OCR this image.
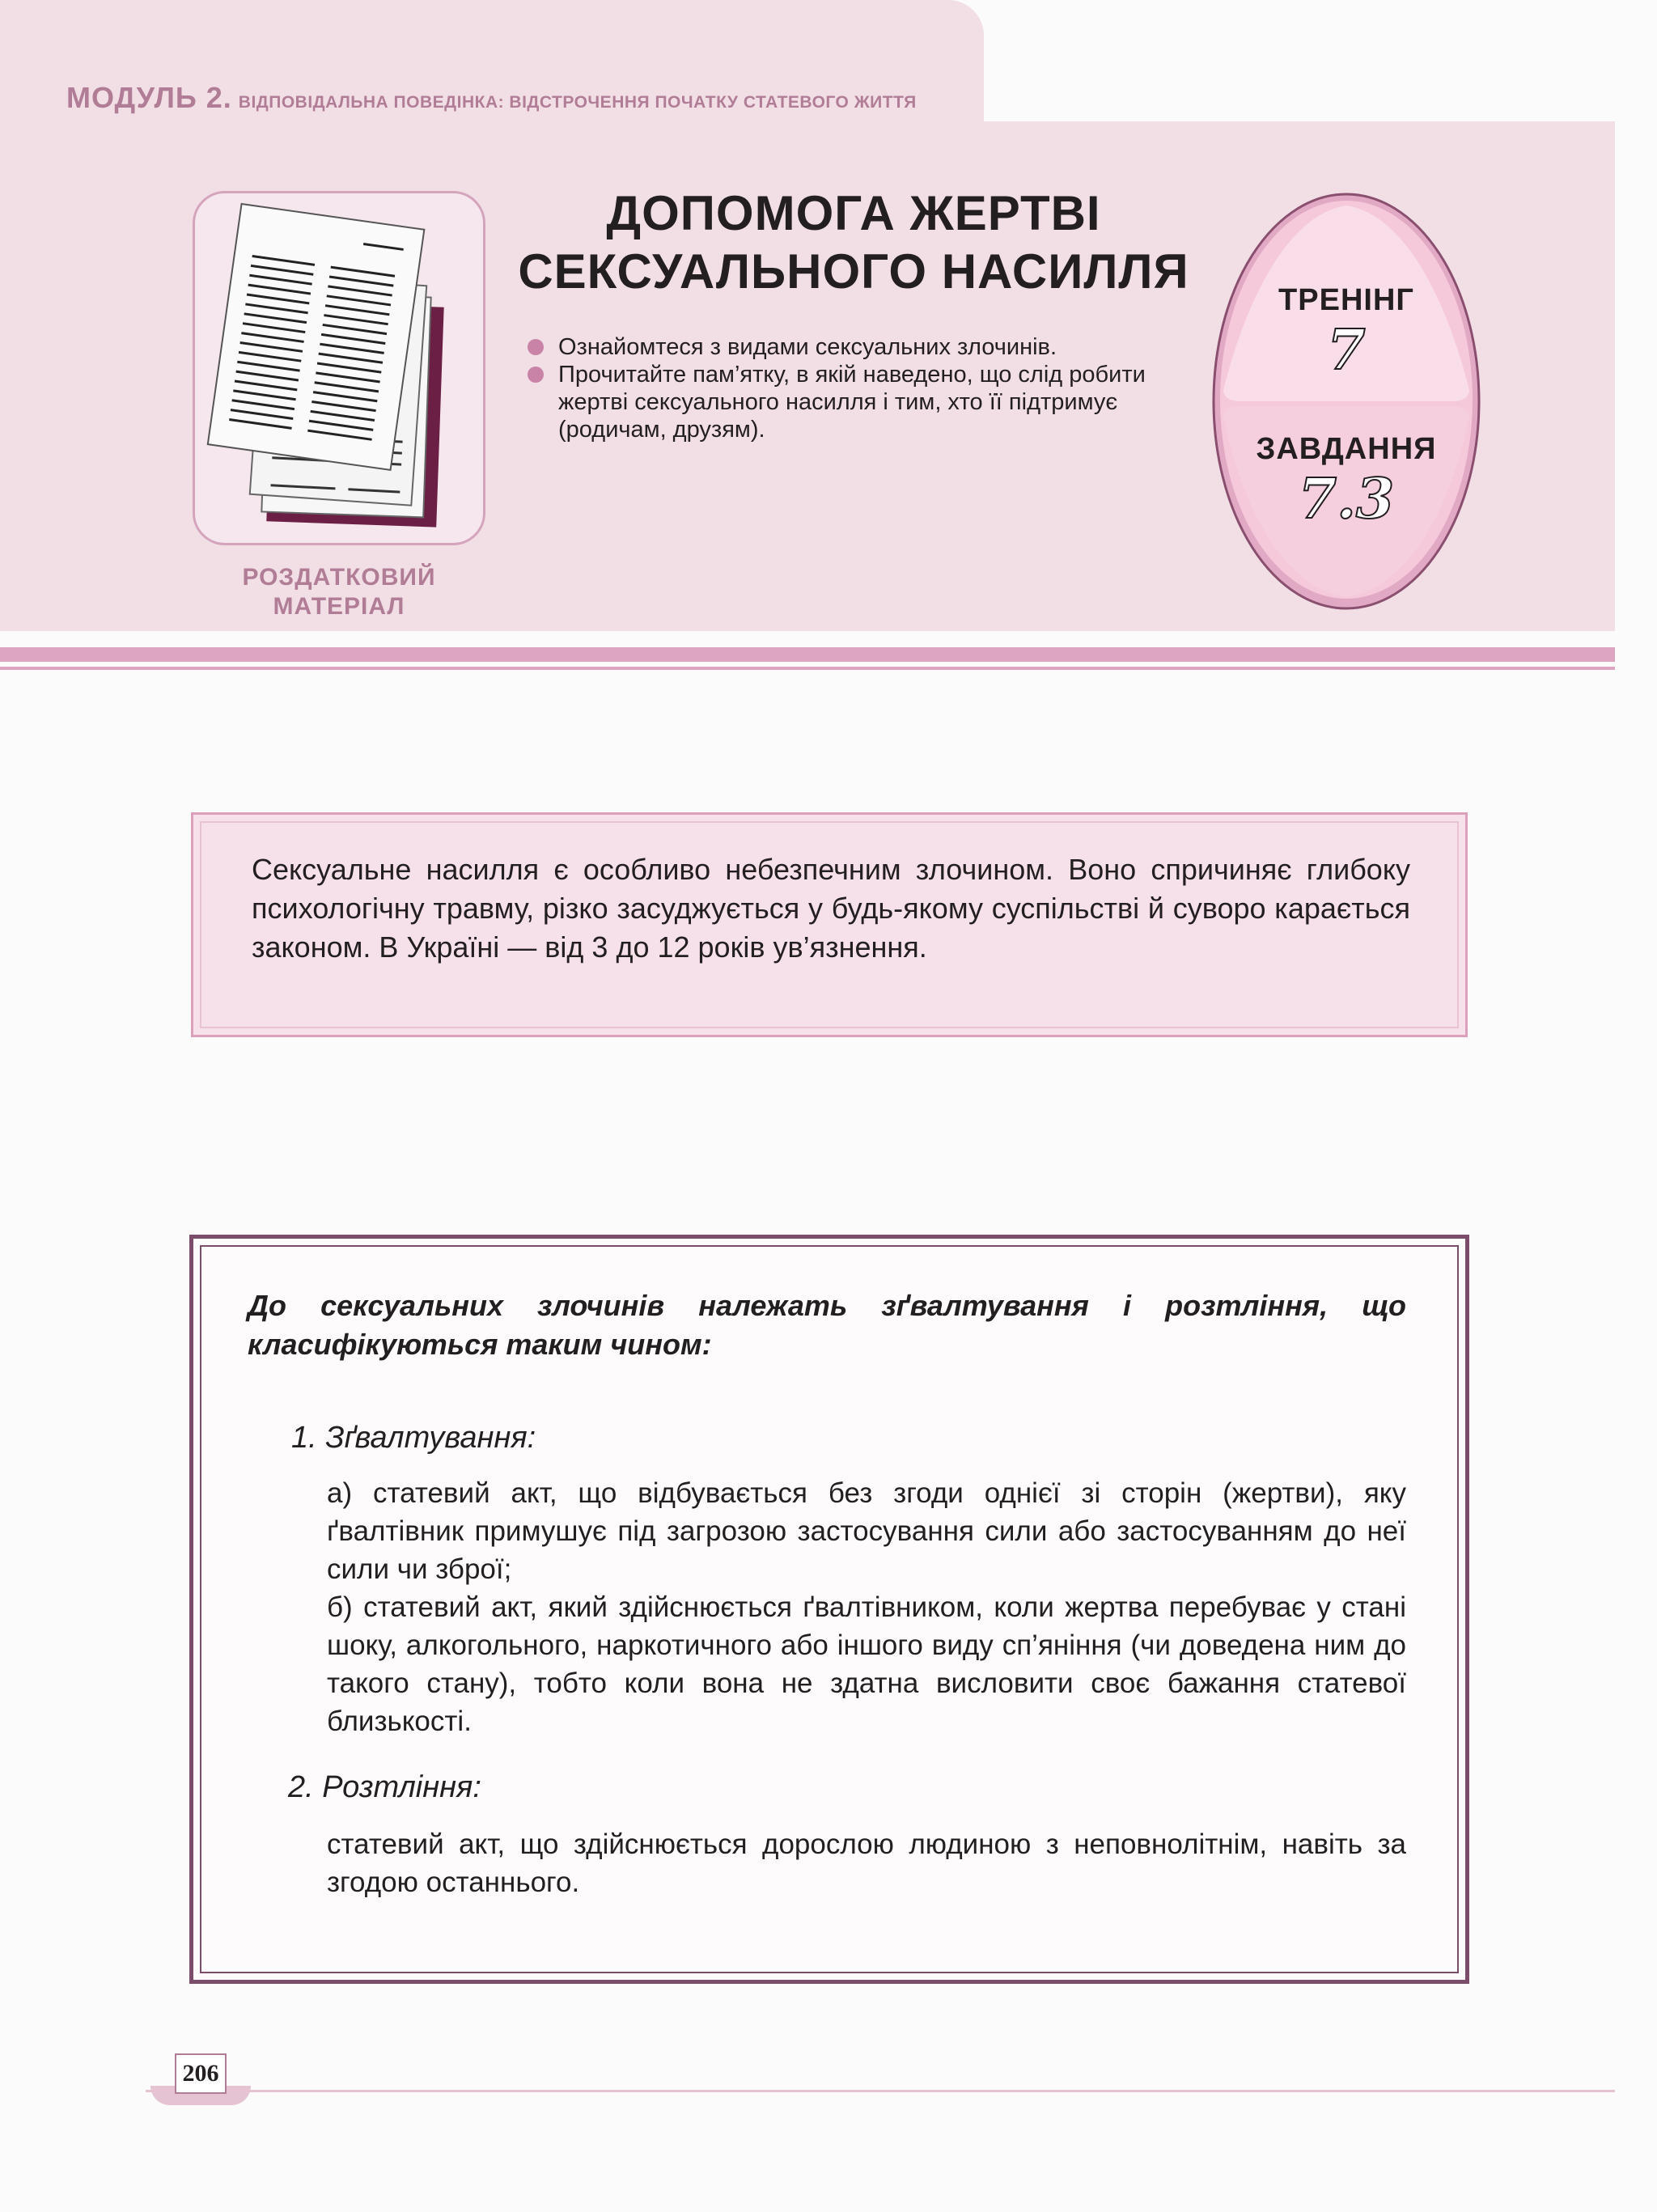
МОДУЛЬ 2. ВІДПОВІДАЛЬНА ПОВЕДІНКА: ВІДСТРОЧЕННЯ ПОЧАТКУ СТАТЕВОГО ЖИТТЯ
РОЗДАТКОВИЙ
МАТЕРІАЛ
ДОПОМОГА ЖЕРТВІ
СЕКСУАЛЬНОГО НАСИЛЛЯ

Ознайомтеся з видами сексуальних злочинів.

Прочитайте пам’ятку, в якій наведено, що слід робити жертві сексуального насилля і тим, хто її підтримує (родичам, друзям).

ТРЕНІНГ
7
ЗАВДАННЯ
7.3
Сексуальне насилля є особливо небезпечним злочином. Воно спричиняє глибоку психологічну травму, різко засуджується у будь-якому суспільстві й суворо карається законом. В Україні — від 3 до 12 років ув’язнення.
До сексуальних злочинів належать зґвалтування і розтління, що класифікуються таким чином:
1. Зґвалтування:
а) статевий акт, що відбувається без згоди однієї зі сторін (жертви), яку ґвалтівник примушує під загрозою застосування сили або застосуванням до неї сили чи зброї;
б) статевий акт, який здійснюється ґвалтівником, коли жертва перебуває у стані шоку, алкогольного, наркотичного або іншого виду сп’яніння (чи доведена ним до такого стану), тобто коли вона не здатна висловити своє бажання статевої близькості.
2. Розтління:
статевий акт, що здійснюється дорослою людиною з неповнолітнім, навіть за згодою останнього.
206
